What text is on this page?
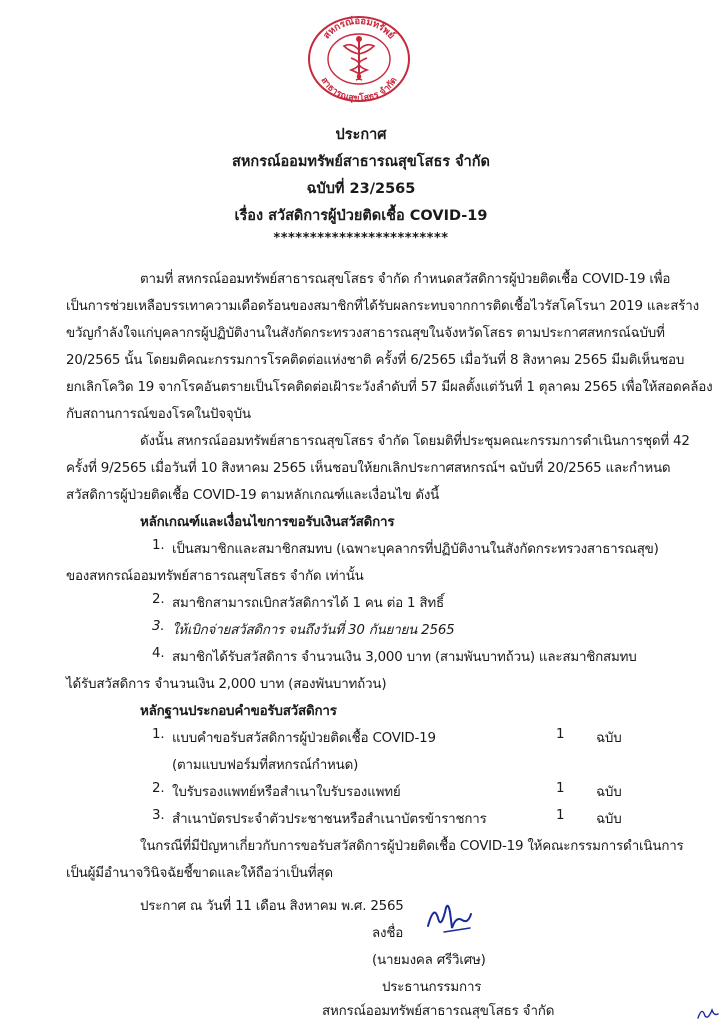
สหกรณ์ออมทรัพย์
สาธารณสุขโสธร จำกัด
ประกาศ
สหกรณ์ออมทรัพย์สาธารณสุขโสธร จำกัด
ฉบับที่ 23/2565
เรื่อง สวัสดิการผู้ป่วยติดเชื้อ COVID-19
************************
ตามที่ สหกรณ์ออมทรัพย์สาธารณสุขโสธร จำกัด กำหนดสวัสดิการผู้ป่วยติดเชื้อ COVID-19 เพื่อ
เป็นการช่วยเหลือบรรเทาความเดือดร้อนของสมาชิกที่ได้รับผลกระทบจากการติดเชื้อไวรัสโคโรนา 2019 และสร้าง
ขวัญกำลังใจแก่บุคลากรผู้ปฏิบัติงานในสังกัดกระทรวงสาธารณสุขในจังหวัดโสธร ตามประกาศสหกรณ์ฉบับที่
20/2565 นั้น โดยมติคณะกรรมการโรคติดต่อแห่งชาติ ครั้งที่ 6/2565 เมื่อวันที่ 8 สิงหาคม 2565 มีมติเห็นชอบ
ยกเลิกโควิด 19 จากโรคอันตรายเป็นโรคติดต่อเฝ้าระวังลำดับที่ 57 มีผลตั้งแต่วันที่ 1 ตุลาคม 2565 เพื่อให้สอดคล้อง
กับสถานการณ์ของโรคในปัจจุบัน
ดังนั้น สหกรณ์ออมทรัพย์สาธารณสุขโสธร จำกัด โดยมติที่ประชุมคณะกรรมการดำเนินการชุดที่ 42
ครั้งที่ 9/2565 เมื่อวันที่ 10 สิงหาคม 2565 เห็นชอบให้ยกเลิกประกาศสหกรณ์ฯ ฉบับที่ 20/2565 และกำหนด
สวัสดิการผู้ป่วยติดเชื้อ COVID-19 ตามหลักเกณฑ์และเงื่อนไข ดังนี้
หลักเกณฑ์และเงื่อนไขการขอรับเงินสวัสดิการ
1. เป็นสมาชิกและสมาชิกสมทบ (เฉพาะบุคลากรที่ปฏิบัติงานในสังกัดกระทรวงสาธารณสุข)
ของสหกรณ์ออมทรัพย์สาธารณสุขโสธร จำกัด เท่านั้น
2. สมาชิกสามารถเบิกสวัสดิการได้ 1 คน ต่อ 1 สิทธิ์
3. ให้เบิกจ่ายสวัสดิการ จนถึงวันที่ 30 กันยายน 2565
4. สมาชิกได้รับสวัสดิการ จำนวนเงิน 3,000 บาท (สามพันบาทถ้วน) และสมาชิกสมทบ
ได้รับสวัสดิการ จำนวนเงิน 2,000 บาท (สองพันบาทถ้วน)
หลักฐานประกอบคำขอรับสวัสดิการ
1. แบบคำขอรับสวัสดิการผู้ป่วยติดเชื้อ COVID-19
(ตามแบบฟอร์มที่สหกรณ์กำหนด)
1 ฉบับ
2. ใบรับรองแพทย์หรือสำเนาใบรับรองแพทย์	1 ฉบับ
3. สำเนาบัตรประจำตัวประชาชนหรือสำเนาบัตรข้าราชการ	1 ฉบับ
ในกรณีที่มีปัญหาเกี่ยวกับการขอรับสวัสดิการผู้ป่วยติดเชื้อ COVID-19 ให้คณะกรรมการดำเนินการ
เป็นผู้มีอำนาจวินิจฉัยชี้ขาดและให้ถือว่าเป็นที่สุด
ประกาศ ณ วันที่ 11 เดือน สิงหาคม พ.ศ. 2565
ลงชื่อ
(นายมงคล ศรีวิเศษ)
ประธานกรรมการ
สหกรณ์ออมทรัพย์สาธารณสุขโสธร จำกัด
